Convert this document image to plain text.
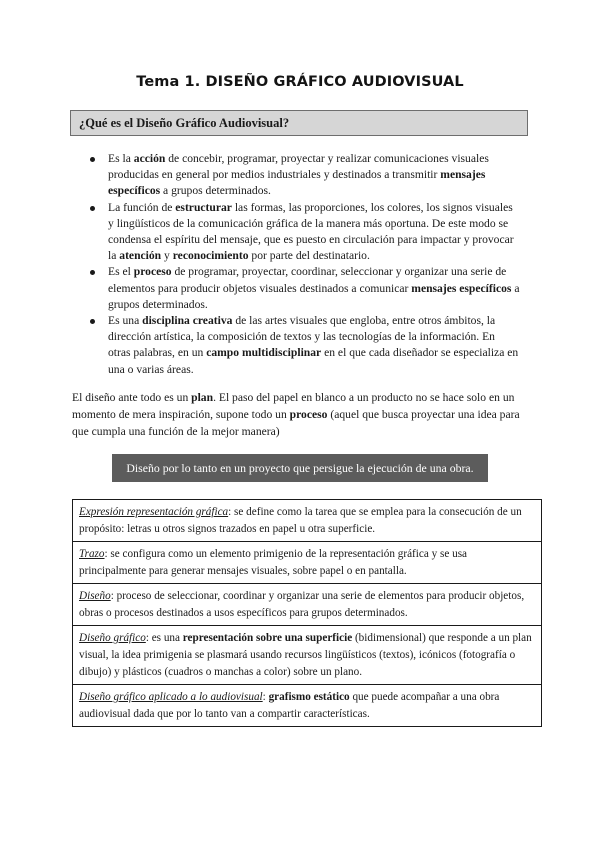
Tema 1. DISEÑO GRÁFICO AUDIOVISUAL
¿Qué es el Diseño Gráfico Audiovisual?
Es la acción de concebir, programar, proyectar y realizar comunicaciones visuales producidas en general por medios industriales y destinados a transmitir mensajes específicos a grupos determinados.
La función de estructurar las formas, las proporciones, los colores, los signos visuales y lingüísticos de la comunicación gráfica de la manera más oportuna. De este modo se condensa el espíritu del mensaje, que es puesto en circulación para impactar y provocar la atención y reconocimiento por parte del destinatario.
Es el proceso de programar, proyectar, coordinar, seleccionar y organizar una serie de elementos para producir objetos visuales destinados a comunicar mensajes específicos a grupos determinados.
Es una disciplina creativa de las artes visuales que engloba, entre otros ámbitos, la dirección artística, la composición de textos y las tecnologías de la información. En otras palabras, en un campo multidisciplinar en el que cada diseñador se especializa en una o varias áreas.
El diseño ante todo es un plan. El paso del papel en blanco a un producto no se hace solo en un momento de mera inspiración, supone todo un proceso (aquel que busca proyectar una idea para que cumpla una función de la mejor manera)
Diseño por lo tanto en un proyecto que persigue la ejecución de una obra.
Expresión representación gráfica: se define como la tarea que se emplea para la consecución de un propósito: letras u otros signos trazados en papel u otra superficie.
Trazo: se configura como un elemento primigenio de la representación gráfica y se usa principalmente para generar mensajes visuales, sobre papel o en pantalla.
Diseño: proceso de seleccionar, coordinar y organizar una serie de elementos para producir objetos, obras o procesos destinados a usos específicos para grupos determinados.
Diseño gráfico: es una representación sobre una superficie (bidimensional) que responde a un plan visual, la idea primigenia se plasmará usando recursos lingüísticos (textos), icónicos (fotografía o dibujo) y plásticos (cuadros o manchas a color) sobre un plano.
Diseño gráfico aplicado a lo audiovisual: grafismo estático que puede acompañar a una obra audiovisual dada que por lo tanto van a compartir características.
